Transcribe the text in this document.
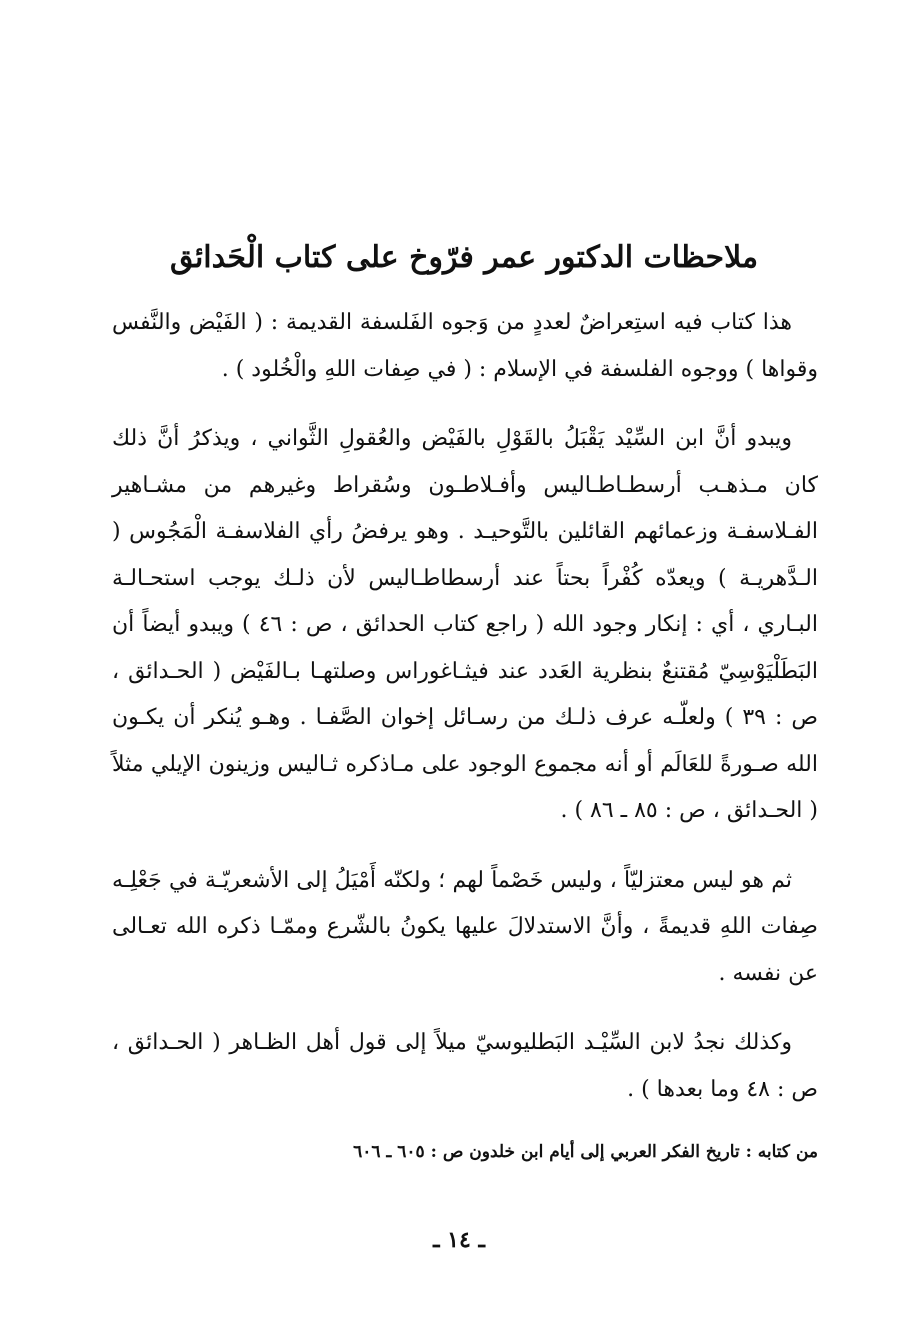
ملاحظات الدكتور عمر فرّوخ على كتاب الْحَدائق

هذا كتاب فيه استِعراضٌ لعددٍ من وَجوه الفَلسفة القديمة : ( الفَيْض والنَّفس وقواها ) ووجوه الفلسفة في الإسلام : ( في صِفات اللهِ والْخُلود ) .

ويبدو أنَّ ابن السِّيْد يَقْبَلُ بالقَوْلِ بالفَيْض والعُقولِ الثَّواني ، ويذكرُ أنَّ ذلك كان مـذهـب أرسطـاطـاليس وأفـلاطـون وسُقراط وغيرهم من مشـاهير الفـلاسفـة وزعمائهم القائلين بالتَّوحيـد . وهو يرفضُ رأي الفلاسفـة الْمَجُوس ( الـدَّهريـة ) ويعدّه كُفْراً بحتاً عند أرسطاطـاليس لأن ذلـك يوجب استحـالـة البـاري ، أي : إنكار وجود الله ( راجع كتاب الحدائق ، ص : ٤٦ ) ويبدو أيضاً أن البَطَلْيَوْسِيّ مُقتنعٌ بنظرية العَدد عند فيثـاغوراس وصلتهـا بـالفَيْض ( الحـدائق ، ص : ٣٩ ) ولعلّـه عرف ذلـك من رسـائل إخوان الصَّفـا . وهـو يُنكر أن يكـون الله صـورةً للعَالَم أو أنه مجموع الوجود على مـاذكره ثـاليس وزينون الإيلي مثلاً ( الحـدائق ، ص : ٨٥ ـ ٨٦ ) .

ثم هو ليس معتزليّاً ، وليس خَصْماً لهم ؛ ولكنّه أَمْيَلُ إلى الأشعريّـة في جَعْلِـه صِفات اللهِ قديمةً ، وأنَّ الاستدلالَ عليها يكونُ بالشّرع وممّـا ذكره الله تعـالى عن نفسه .

وكذلك نجدُ لابن السِّيْـد البَطليوسيّ ميلاً إلى قول أهل الظـاهر ( الحـدائق ، ص : ٤٨ وما بعدها ) .

من كتابه : تاريخ الفكر العربي إلى أيام ابن خلدون ص : ٦٠٥ ـ ٦٠٦

ـ ١٤ ـ
